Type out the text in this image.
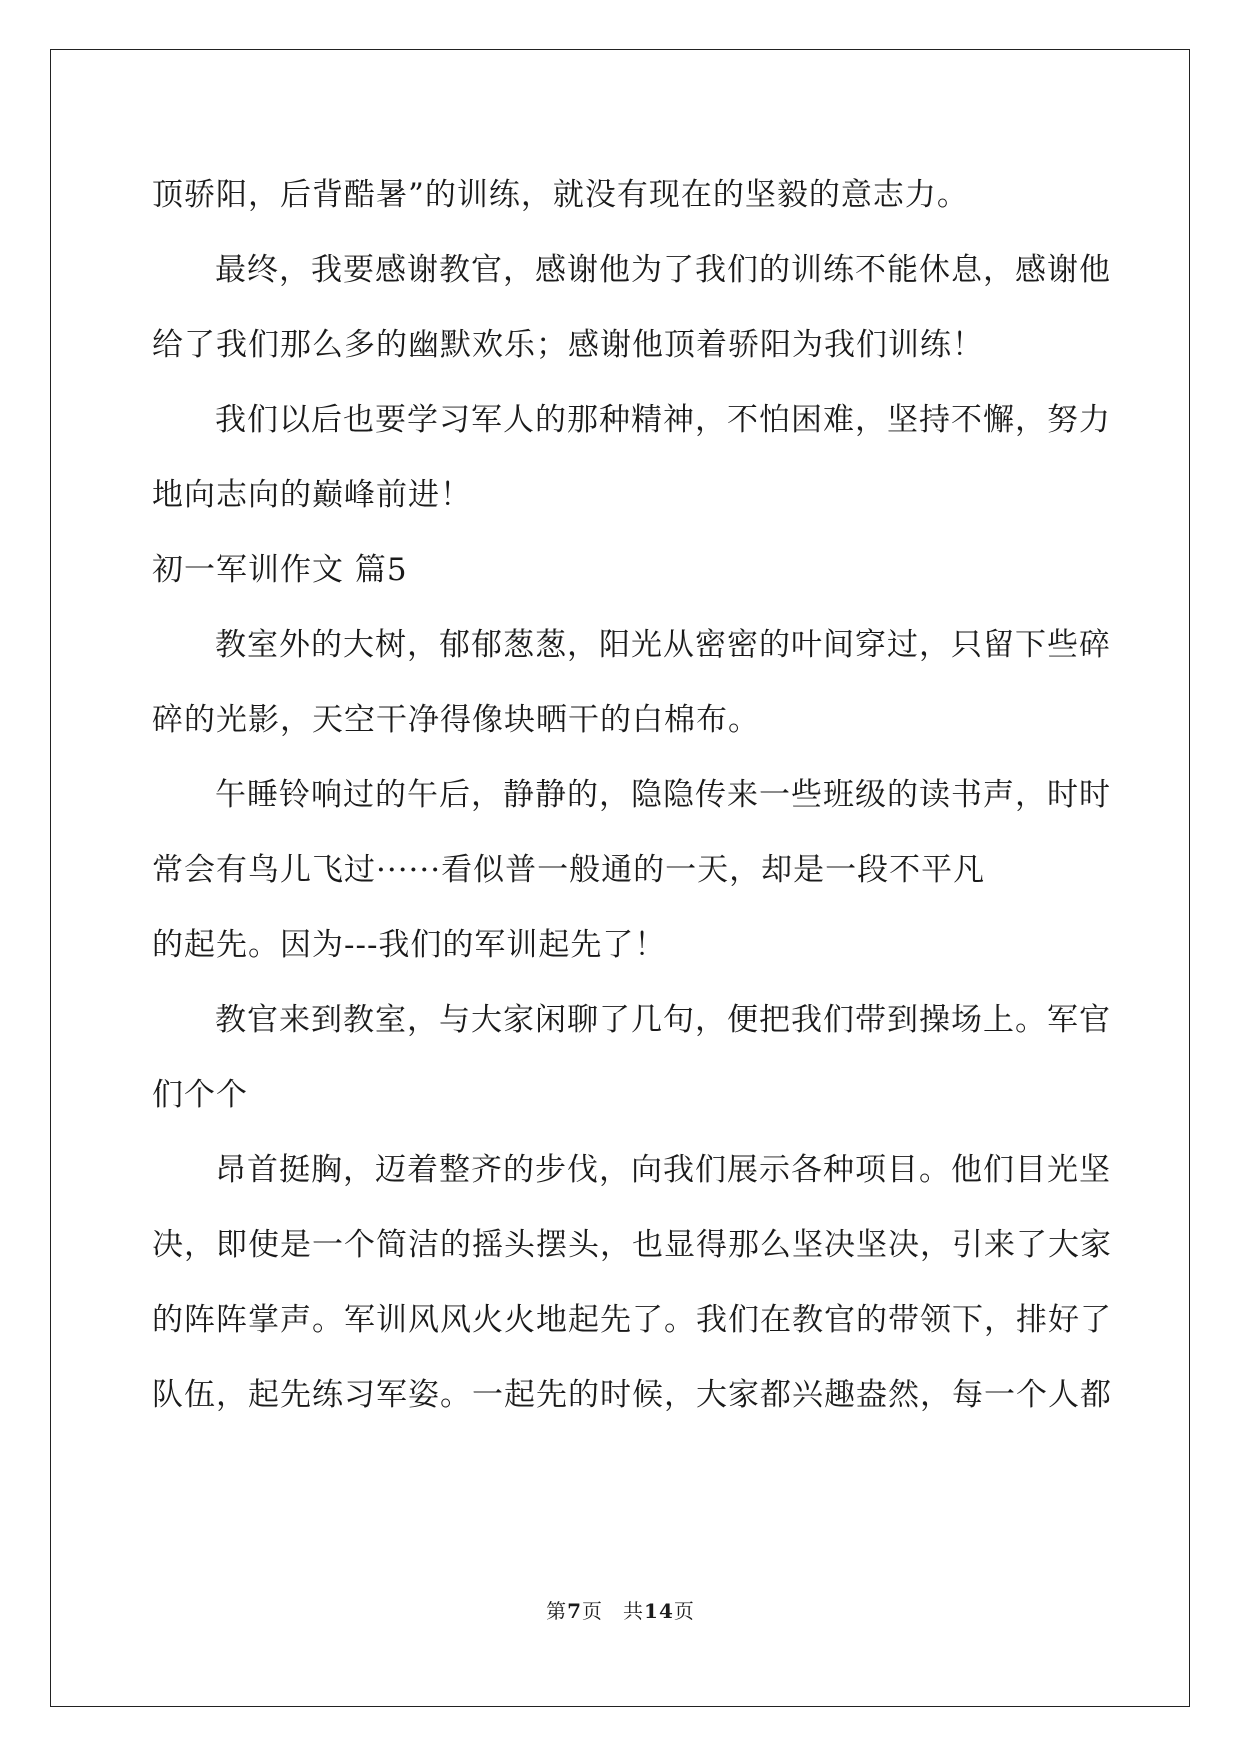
顶骄阳，后背酷暑”的训练，就没有现在的坚毅的意志力。
最终，我要感谢教官，感谢他为了我们的训练不能休息，感谢他
给了我们那么多的幽默欢乐；感谢他顶着骄阳为我们训练！
我们以后也要学习军人的那种精神，不怕困难，坚持不懈，努力
地向志向的巅峰前进！
初一军训作文 篇5
教室外的大树，郁郁葱葱，阳光从密密的叶间穿过，只留下些碎
碎的光影，天空干净得像块晒干的白棉布。
午睡铃响过的午后，静静的，隐隐传来一些班级的读书声，时时
常会有鸟儿飞过······看似普一般通的一天，却是一段不平凡
的起先。因为---我们的军训起先了！
教官来到教室，与大家闲聊了几句，便把我们带到操场上。军官
们个个
昂首挺胸，迈着整齐的步伐，向我们展示各种项目。他们目光坚
决，即使是一个简洁的摇头摆头，也显得那么坚决坚决，引来了大家
的阵阵掌声。军训风风火火地起先了。我们在教官的带领下，排好了
队伍，起先练习军姿。一起先的时候，大家都兴趣盎然，每一个人都
第7页 共14页
